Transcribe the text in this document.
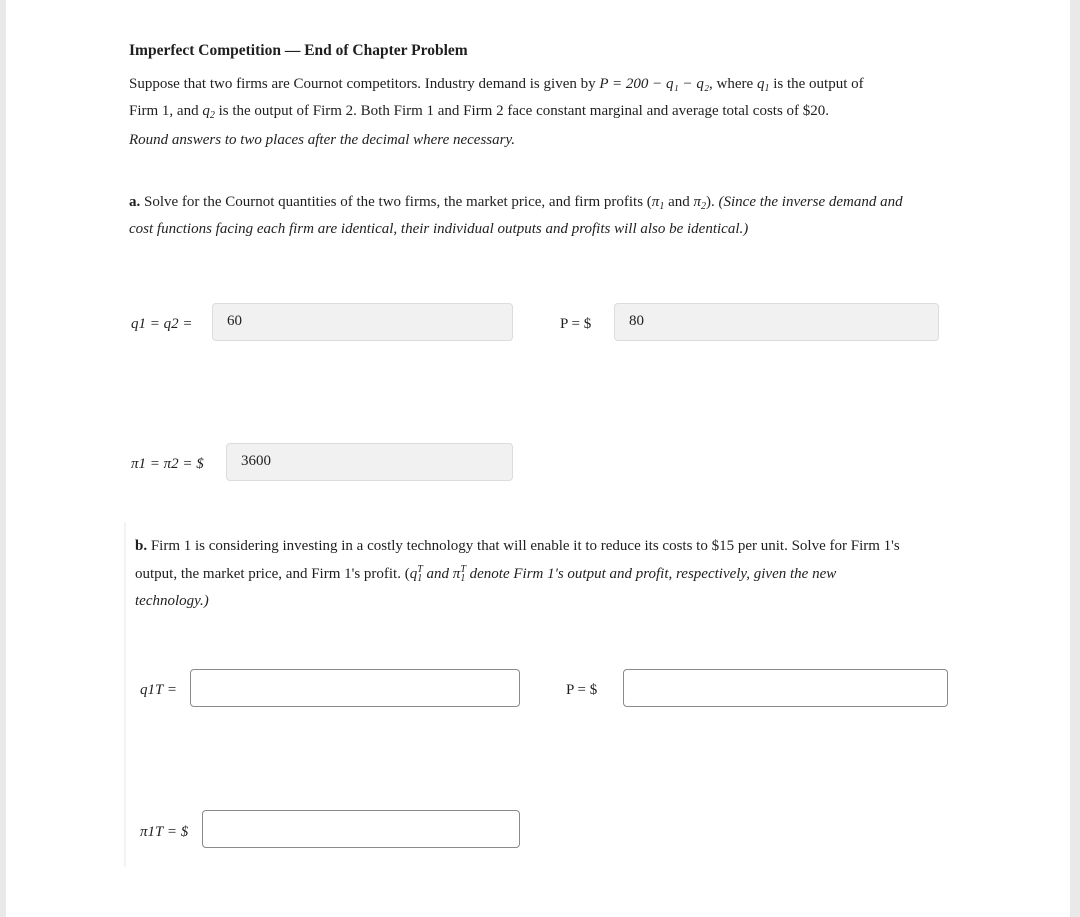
Imperfect Competition — End of Chapter Problem
Suppose that two firms are Cournot competitors. Industry demand is given by P = 200 − q₁ − q₂, where $q_1$ is the output of
Firm 1, and $q_2$ is the output of Firm 2. Both Firm 1 and Firm 2 face constant marginal and average total costs of $20.
Round answers to two places after the decimal where necessary.
a. Solve for the Cournot quantities of the two firms, the market price, and firm profits ($\pi_1$ and $\pi_2$). (Since the inverse demand and
cost functions facing each firm are identical, their individual outputs and profits will also be identical.)
q1 = q2 =	60	P = $	80
π1 = π2 = $	3600
b. Firm 1 is considering investing in a costly technology that will enable it to reduce its costs to $15 per unit. Solve for Firm 1's
output, the market price, and Firm 1's profit. ($q_1^T$ and $\pi_1^T$ denote Firm 1's output and profit, respectively, given the new
technology.)
q1T =	P = $
π1T = $
